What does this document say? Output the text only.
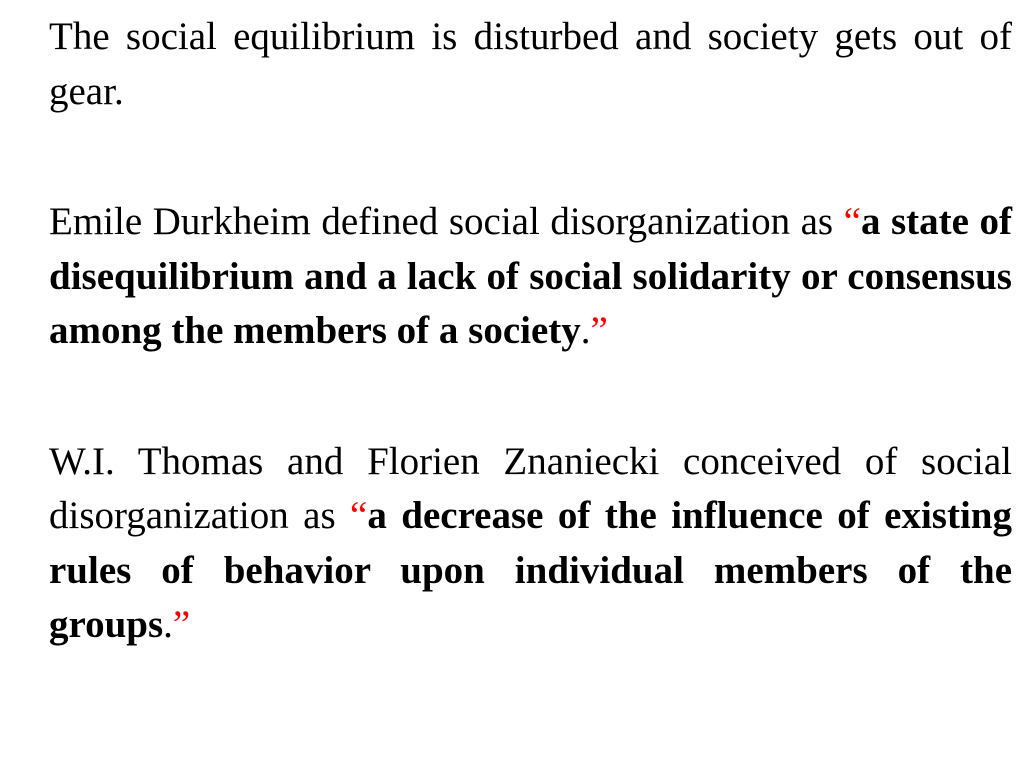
The social equilibrium is disturbed and society gets out of gear.

Emile Durkheim defined social disorganization as “a state of disequilibrium and a lack of social solidarity or consensus among the members of a society.”

W.I. Thomas and Florien Znaniecki conceived of social disorganization as “a decrease of the influence of existing rules of behavior upon individual members of the groups.”
